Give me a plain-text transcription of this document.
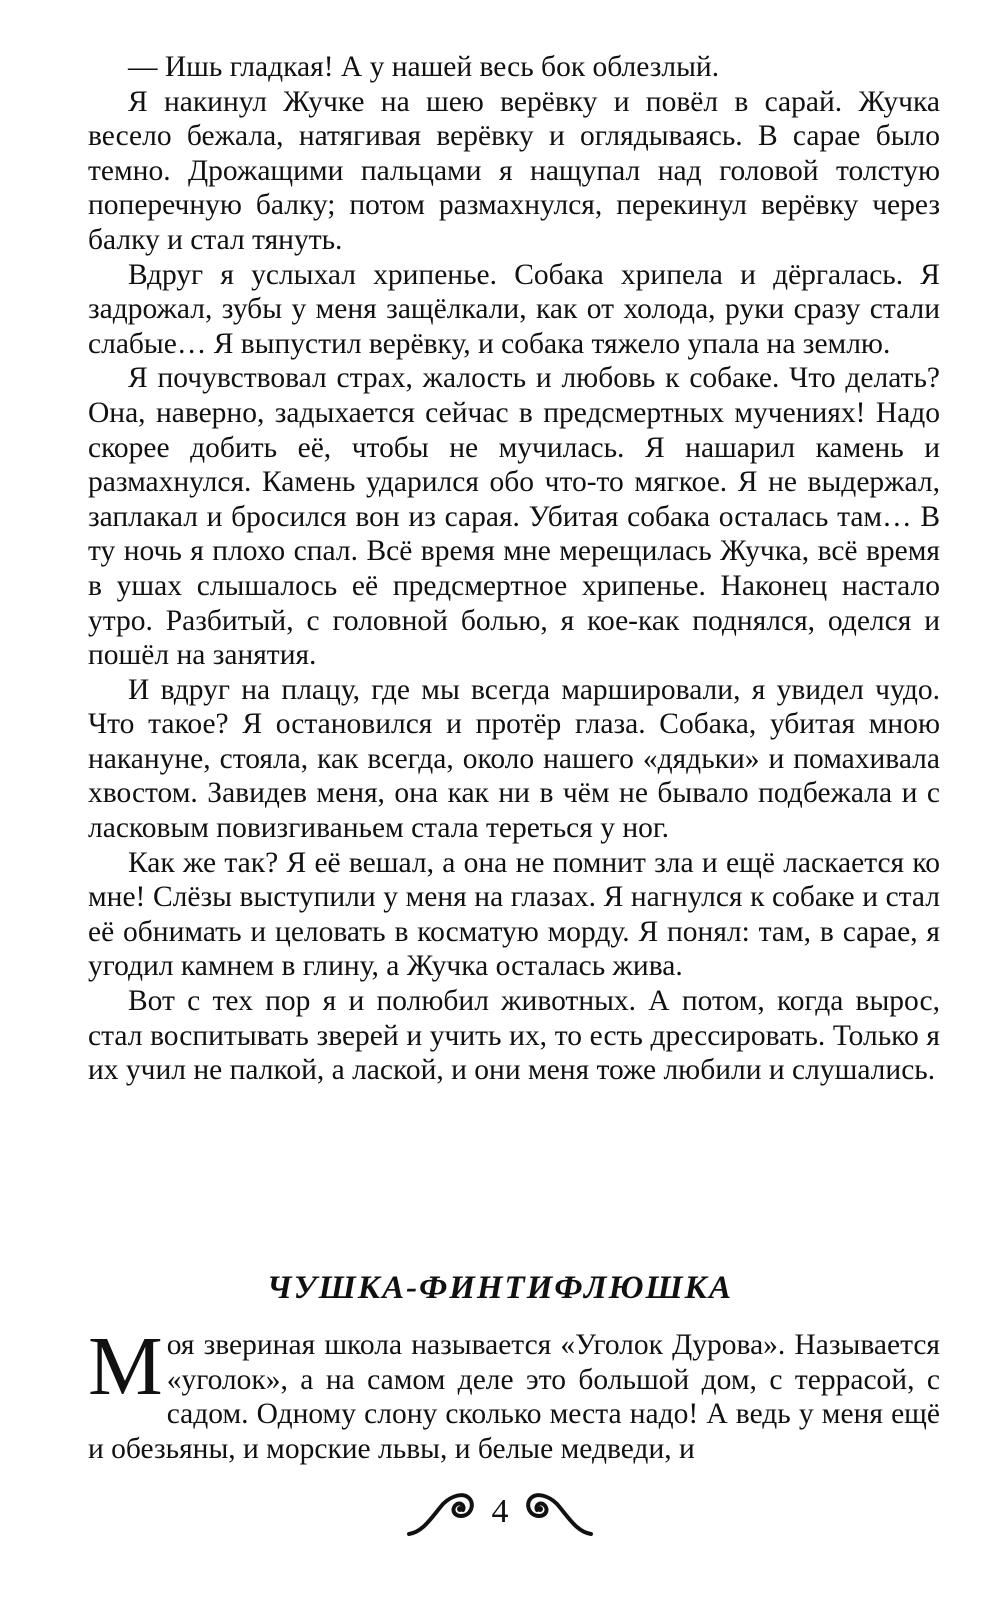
— Ишь гладкая! А у нашей весь бок облезлый.

Я накинул Жучке на шею верёвку и повёл в сарай. Жучка весело бежала, натягивая верёвку и оглядываясь. В сарае было темно. Дрожащими пальцами я нащупал над головой толстую поперечную балку; потом размахнулся, перекинул верёвку через балку и стал тянуть.

Вдруг я услыхал хрипенье. Собака хрипела и дёргалась. Я задрожал, зубы у меня защёлкали, как от холода, руки сразу стали слабые… Я выпустил верёвку, и собака тяжело упала на землю.

Я почувствовал страх, жалость и любовь к собаке. Что делать? Она, наверно, задыхается сейчас в предсмертных мучениях! Надо скорее добить её, чтобы не мучилась. Я нашарил камень и размахнулся. Камень ударился обо что-то мягкое. Я не выдержал, заплакал и бросился вон из сарая. Убитая собака осталась там… В ту ночь я плохо спал. Всё время мне мерещилась Жучка, всё время в ушах слышалось её предсмертное хрипенье. Наконец настало утро. Разбитый, с головной болью, я кое-как поднялся, оделся и пошёл на занятия.

И вдруг на плацу, где мы всегда маршировали, я увидел чудо. Что такое? Я остановился и протёр глаза. Собака, убитая мною накануне, стояла, как всегда, около нашего «дядьки» и помахивала хвостом. Завидев меня, она как ни в чём не бывало подбежала и с ласковым повизгиваньем стала тереться у ног.

Как же так? Я её вешал, а она не помнит зла и ещё ласкается ко мне! Слёзы выступили у меня на глазах. Я нагнулся к собаке и стал её обнимать и целовать в косматую морду. Я понял: там, в сарае, я угодил камнем в глину, а Жучка осталась жива.

Вот с тех пор я и полюбил животных. А потом, когда вырос, стал воспитывать зверей и учить их, то есть дрессировать. Только я их учил не палкой, а лаской, и они меня тоже любили и слушались.

ЧУШКА-ФИНТИФЛЮШКА

Моя звериная школа называется «Уголок Дурова». Называется «уголок», а на самом деле это большой дом, с террасой, с садом. Одному слону сколько места надо! А ведь у меня ещё и обезьяны, и морские львы, и белые медведи, и

4
